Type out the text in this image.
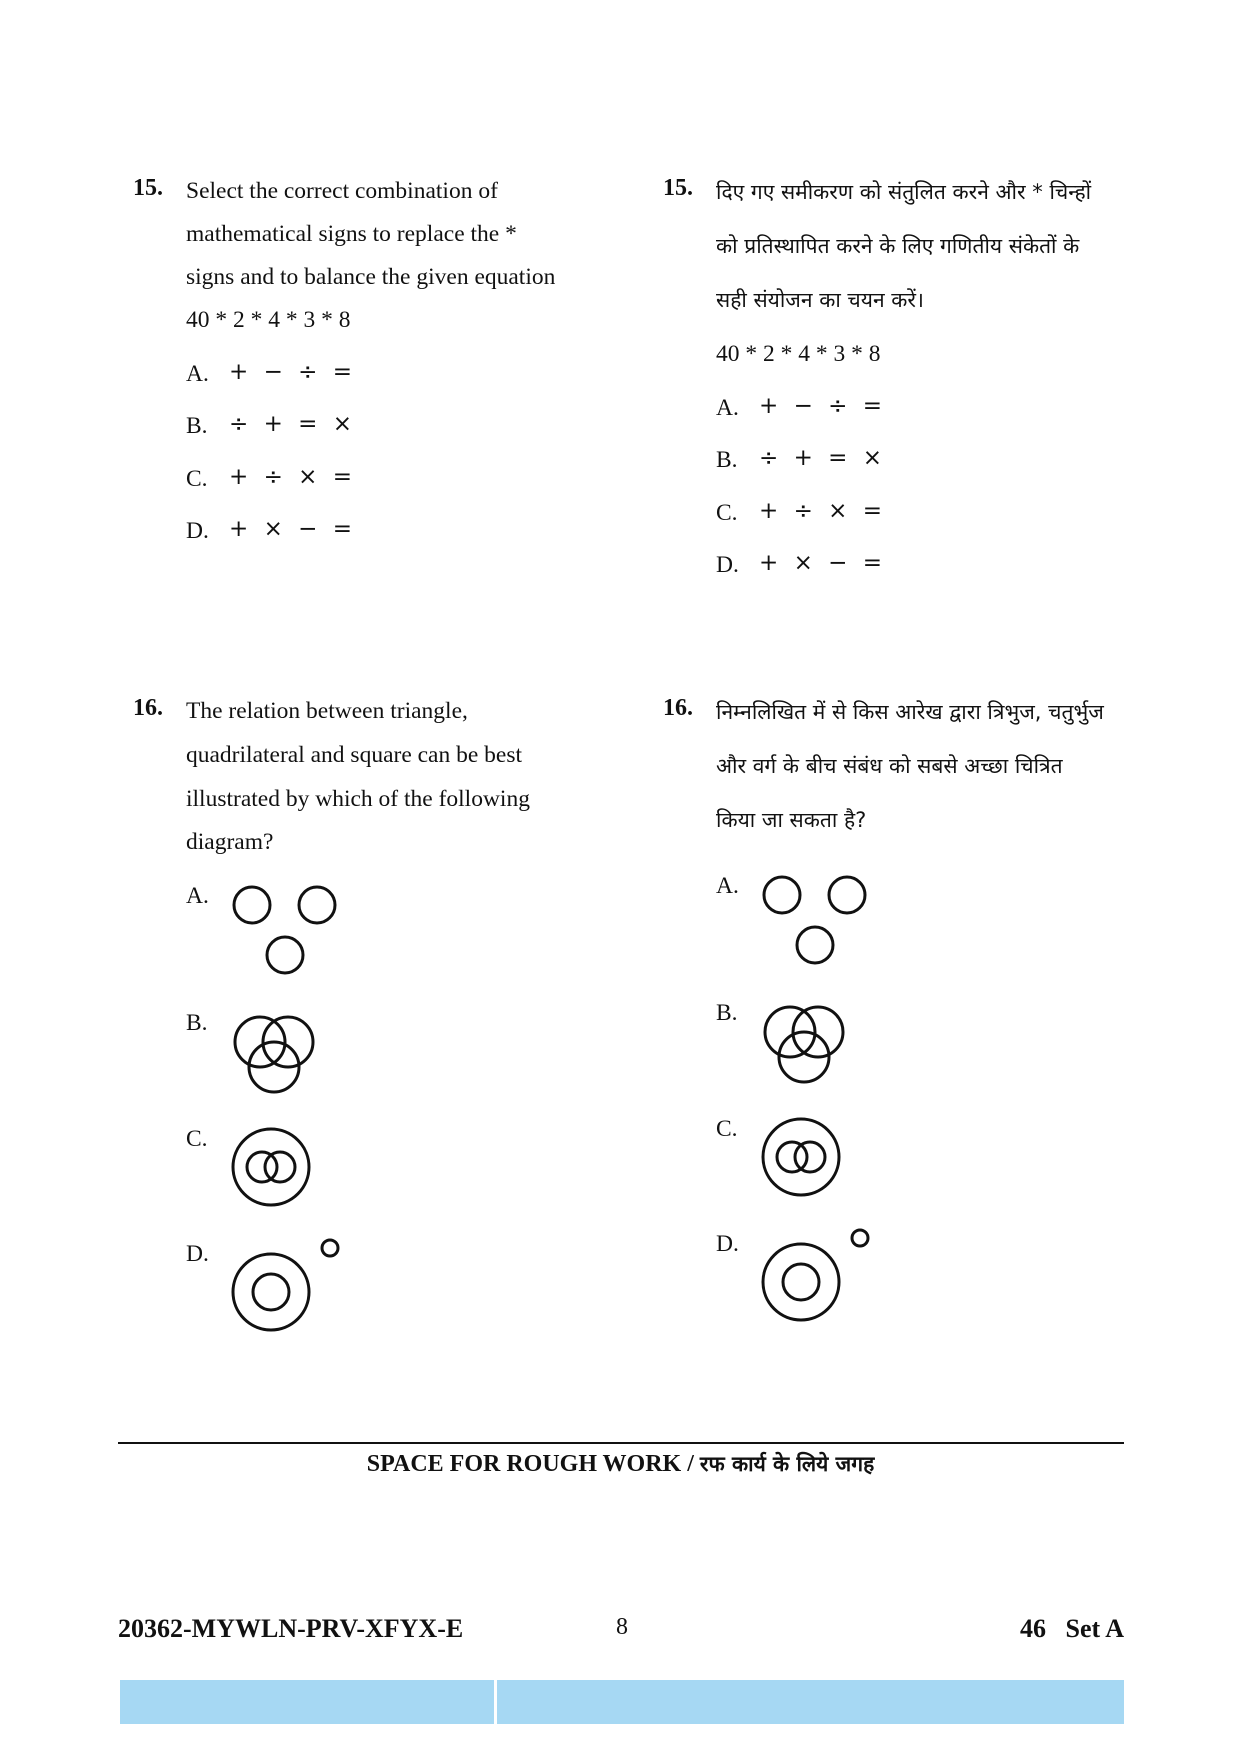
15. Select the correct combination of
mathematical signs to replace the *
signs and to balance the given equation
40 * 2 * 4 * 3 * 8
A. + − ÷ =
B. ÷ + = ×
C. + ÷ × =
D. + × − =
15. दिए गए समीकरण को संतुलित करने और * चिन्हों
को प्रतिस्थापित करने के लिए गणितीय संकेतों के
सही संयोजन का चयन करें।
40 * 2 * 4 * 3 * 8
A. + − ÷ =
B. ÷ + = ×
C. + ÷ × =
D. + × − =
16. The relation between triangle,
quadrilateral and square can be best
illustrated by which of the following
diagram?
A.
B.
C.
D.
16. निम्नलिखित में से किस आरेख द्वारा त्रिभुज, चतुर्भुज
और वर्ग के बीच संबंध को सबसे अच्छा चित्रित
किया जा सकता है?
A.
B.
C.
D.
SPACE FOR ROUGH WORK / रफ कार्य के लिये जगह
20362-MYWLN-PRV-XFYX-E	8	46   Set A
